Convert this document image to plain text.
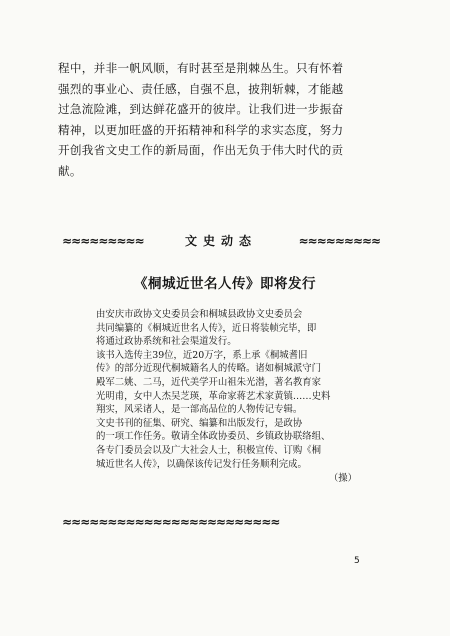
程中，并非一帆风顺，有时甚至是荆棘丛生。只有怀着
强烈的事业心、责任感，自强不息，披荆斩棘，才能越
过急流险滩，到达鲜花盛开的彼岸。让我们进一步振奋
精神，以更加旺盛的开拓精神和科学的求实态度，努力
开创我省文史工作的新局面，作出无负于伟大时代的贡
献。
≈≈≈≈≈≈≈≈≈	文史动态	≈≈≈≈≈≈≈≈≈
《桐城近世名人传》即将发行
由安庆市政协文史委员会和桐城县政协文史委员会
共同编纂的《桐城近世名人传》，近日将装帧完毕，即
将通过政协系统和社会渠道发行。
该书入选传主39位，近20万字，系上承《桐城耆旧
传》的部分近现代桐城籍名人的传略。诸如桐城派守门
殿军二姚、二马，近代美学开山祖朱光潜，著名教育家
光明甫，女中人杰吴芝瑛，革命家蒋艺术家黄镇……史料
翔实，风采诸人，是一部高品位的人物传记专辑。
文史书刊的征集、研究、编纂和出版发行，是政协
的一项工作任务。敬请全体政协委员、乡镇政协联络组、
各专门委员会以及广大社会人士，积极宣传、订购《桐
城近世名人传》，以确保该传记发行任务顺利完成。
（操）
≈≈≈≈≈≈≈≈≈≈≈≈≈≈≈≈≈≈≈≈≈≈≈≈
5
